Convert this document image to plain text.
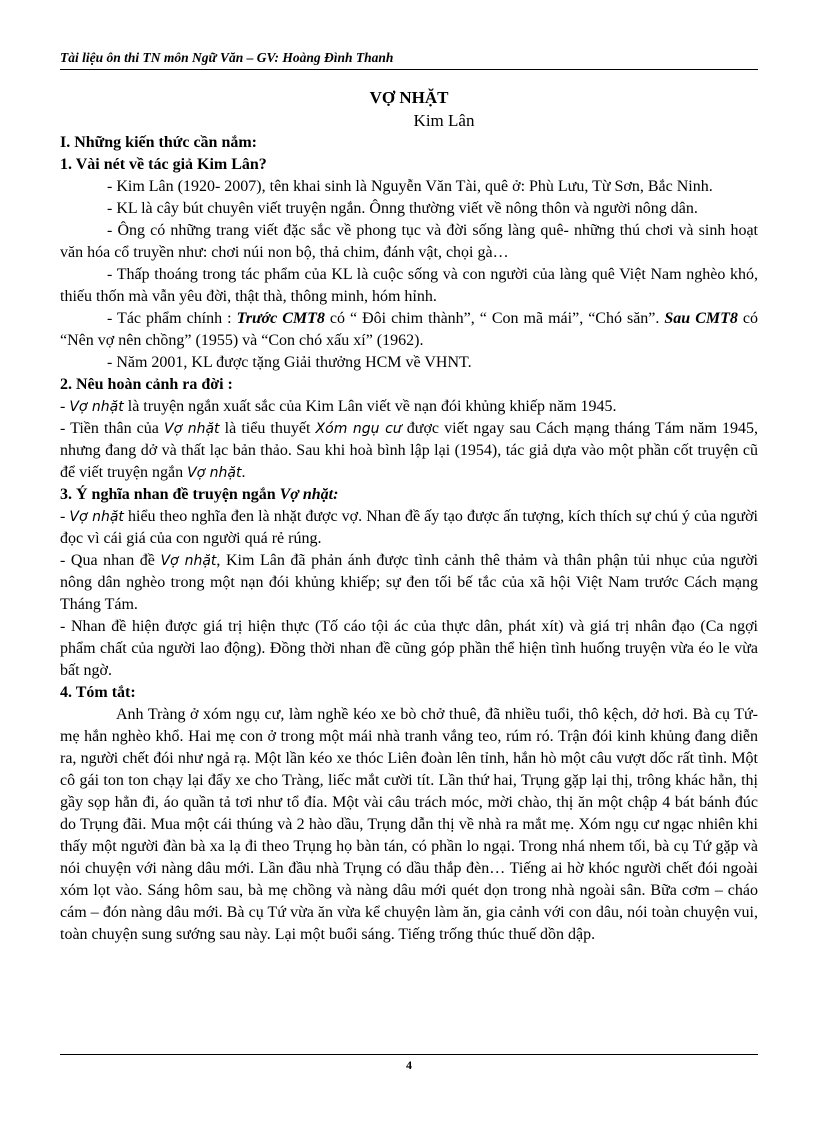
Tài liệu ôn thi TN môn Ngữ Văn – GV: Hoàng Đình Thanh
VỢ NHẶT
Kim Lân
I. Những kiến thức cần nắm:
1. Vài nét về tác giả Kim Lân?
- Kim Lân (1920- 2007), tên khai sinh là Nguyễn Văn Tài, quê ở: Phù Lưu, Từ Sơn, Bắc Ninh.
- KL là cây bút chuyên viết truyện ngắn. Ônng thường viết về nông thôn và người nông dân.
- Ông có những trang viết đặc sắc về phong tục và đời sống làng quê- những thú chơi và sinh hoạt văn hóa cổ truyền như: chơi núi non bộ, thả chim, đánh vật, chọi gà…
- Thấp thoáng trong tác phẩm của KL là cuộc sống và con người của làng quê Việt Nam nghèo khó, thiếu thốn mà vẫn yêu đời, thật thà, thông minh, hóm hỉnh.
- Tác phẩm chính : Trước CMT8 có “ Đôi chim thành”, “ Con mã mái”, “Chó săn”. Sau CMT8 có “Nên vợ nên chồng” (1955) và “Con chó xấu xí” (1962).
- Năm 2001, KL được tặng Giải thưởng HCM về VHNT.
2. Nêu hoàn cảnh ra đời :
- Vợ nhặt là truyện ngắn xuất sắc của Kim Lân viết về nạn đói khủng khiếp năm 1945.
- Tiền thân của Vợ nhặt là tiểu thuyết Xóm ngụ cư được viết ngay sau Cách mạng tháng Tám năm 1945, nhưng đang dở và thất lạc bản thảo. Sau khi hoà bình lập lại (1954), tác giả dựa vào một phần cốt truyện cũ để viết truyện ngắn Vợ nhặt.
3. Ý nghĩa nhan đề truyện ngắn Vợ nhặt:
- Vợ nhặt hiểu theo nghĩa đen là nhặt được vợ. Nhan đề ấy tạo được ấn tượng, kích thích sự chú ý của người đọc vì cái giá của con người quá rẻ rúng.
- Qua nhan đề Vợ nhặt, Kim Lân đã phản ánh được tình cảnh thê thảm và thân phận tủi nhục của người nông dân nghèo trong một nạn đói khủng khiếp; sự đen tối bế tắc của xã hội Việt Nam trước Cách mạng Tháng Tám.
- Nhan đề hiện được giá trị hiện thực (Tố cáo tội ác của thực dân, phát xít) và giá trị nhân đạo (Ca ngợi phẩm chất của người lao động). Đồng thời nhan đề cũng góp phần thể hiện tình huống truyện vừa éo le vừa bất ngờ.
4. Tóm tắt:
Anh Tràng ở xóm ngụ cư, làm nghề kéo xe bò chở thuê, đã nhiều tuổi, thô kệch, dở hơi. Bà cụ Tứ- mẹ hắn nghèo khổ. Hai mẹ con ở trong một mái nhà tranh vắng teo, rúm ró. Trận đói kinh khủng đang diễn ra, người chết đói như ngả rạ. Một lần kéo xe thóc Liên đoàn lên tỉnh, hắn hò một câu vượt dốc rất tình. Một cô gái ton ton chạy lại đẩy xe cho Tràng, liếc mắt cười tít. Lần thứ hai, Trụng gặp lại thị, trông khác hẳn, thị gầy sọp hẳn đi, áo quần tả tơi như tổ đỉa. Một vài câu trách móc, mời chào, thị ăn một chập 4 bát bánh đúc do Trụng đãi. Mua một cái thúng và 2 hào dầu, Trụng dẫn thị về nhà ra mắt mẹ. Xóm ngụ cư ngạc nhiên khi thấy một người đàn bà xa lạ đi theo Trụng họ bàn tán, có phần lo ngại. Trong nhá nhem tối, bà cụ Tứ gặp và nói chuyện với nàng dâu mới. Lần đầu nhà Trụng có dầu thắp đèn… Tiếng ai hờ khóc người chết đói ngoài xóm lọt vào. Sáng hôm sau, bà mẹ chồng và nàng dâu mới quét dọn trong nhà ngoài sân. Bữa cơm – cháo cám – đón nàng dâu mới. Bà cụ Tứ vừa ăn vừa kể chuyện làm ăn, gia cảnh với con dâu, nói toàn chuyện vui, toàn chuyện sung sướng sau này. Lại một buổi sáng. Tiếng trống thúc thuế dồn dập.
4
